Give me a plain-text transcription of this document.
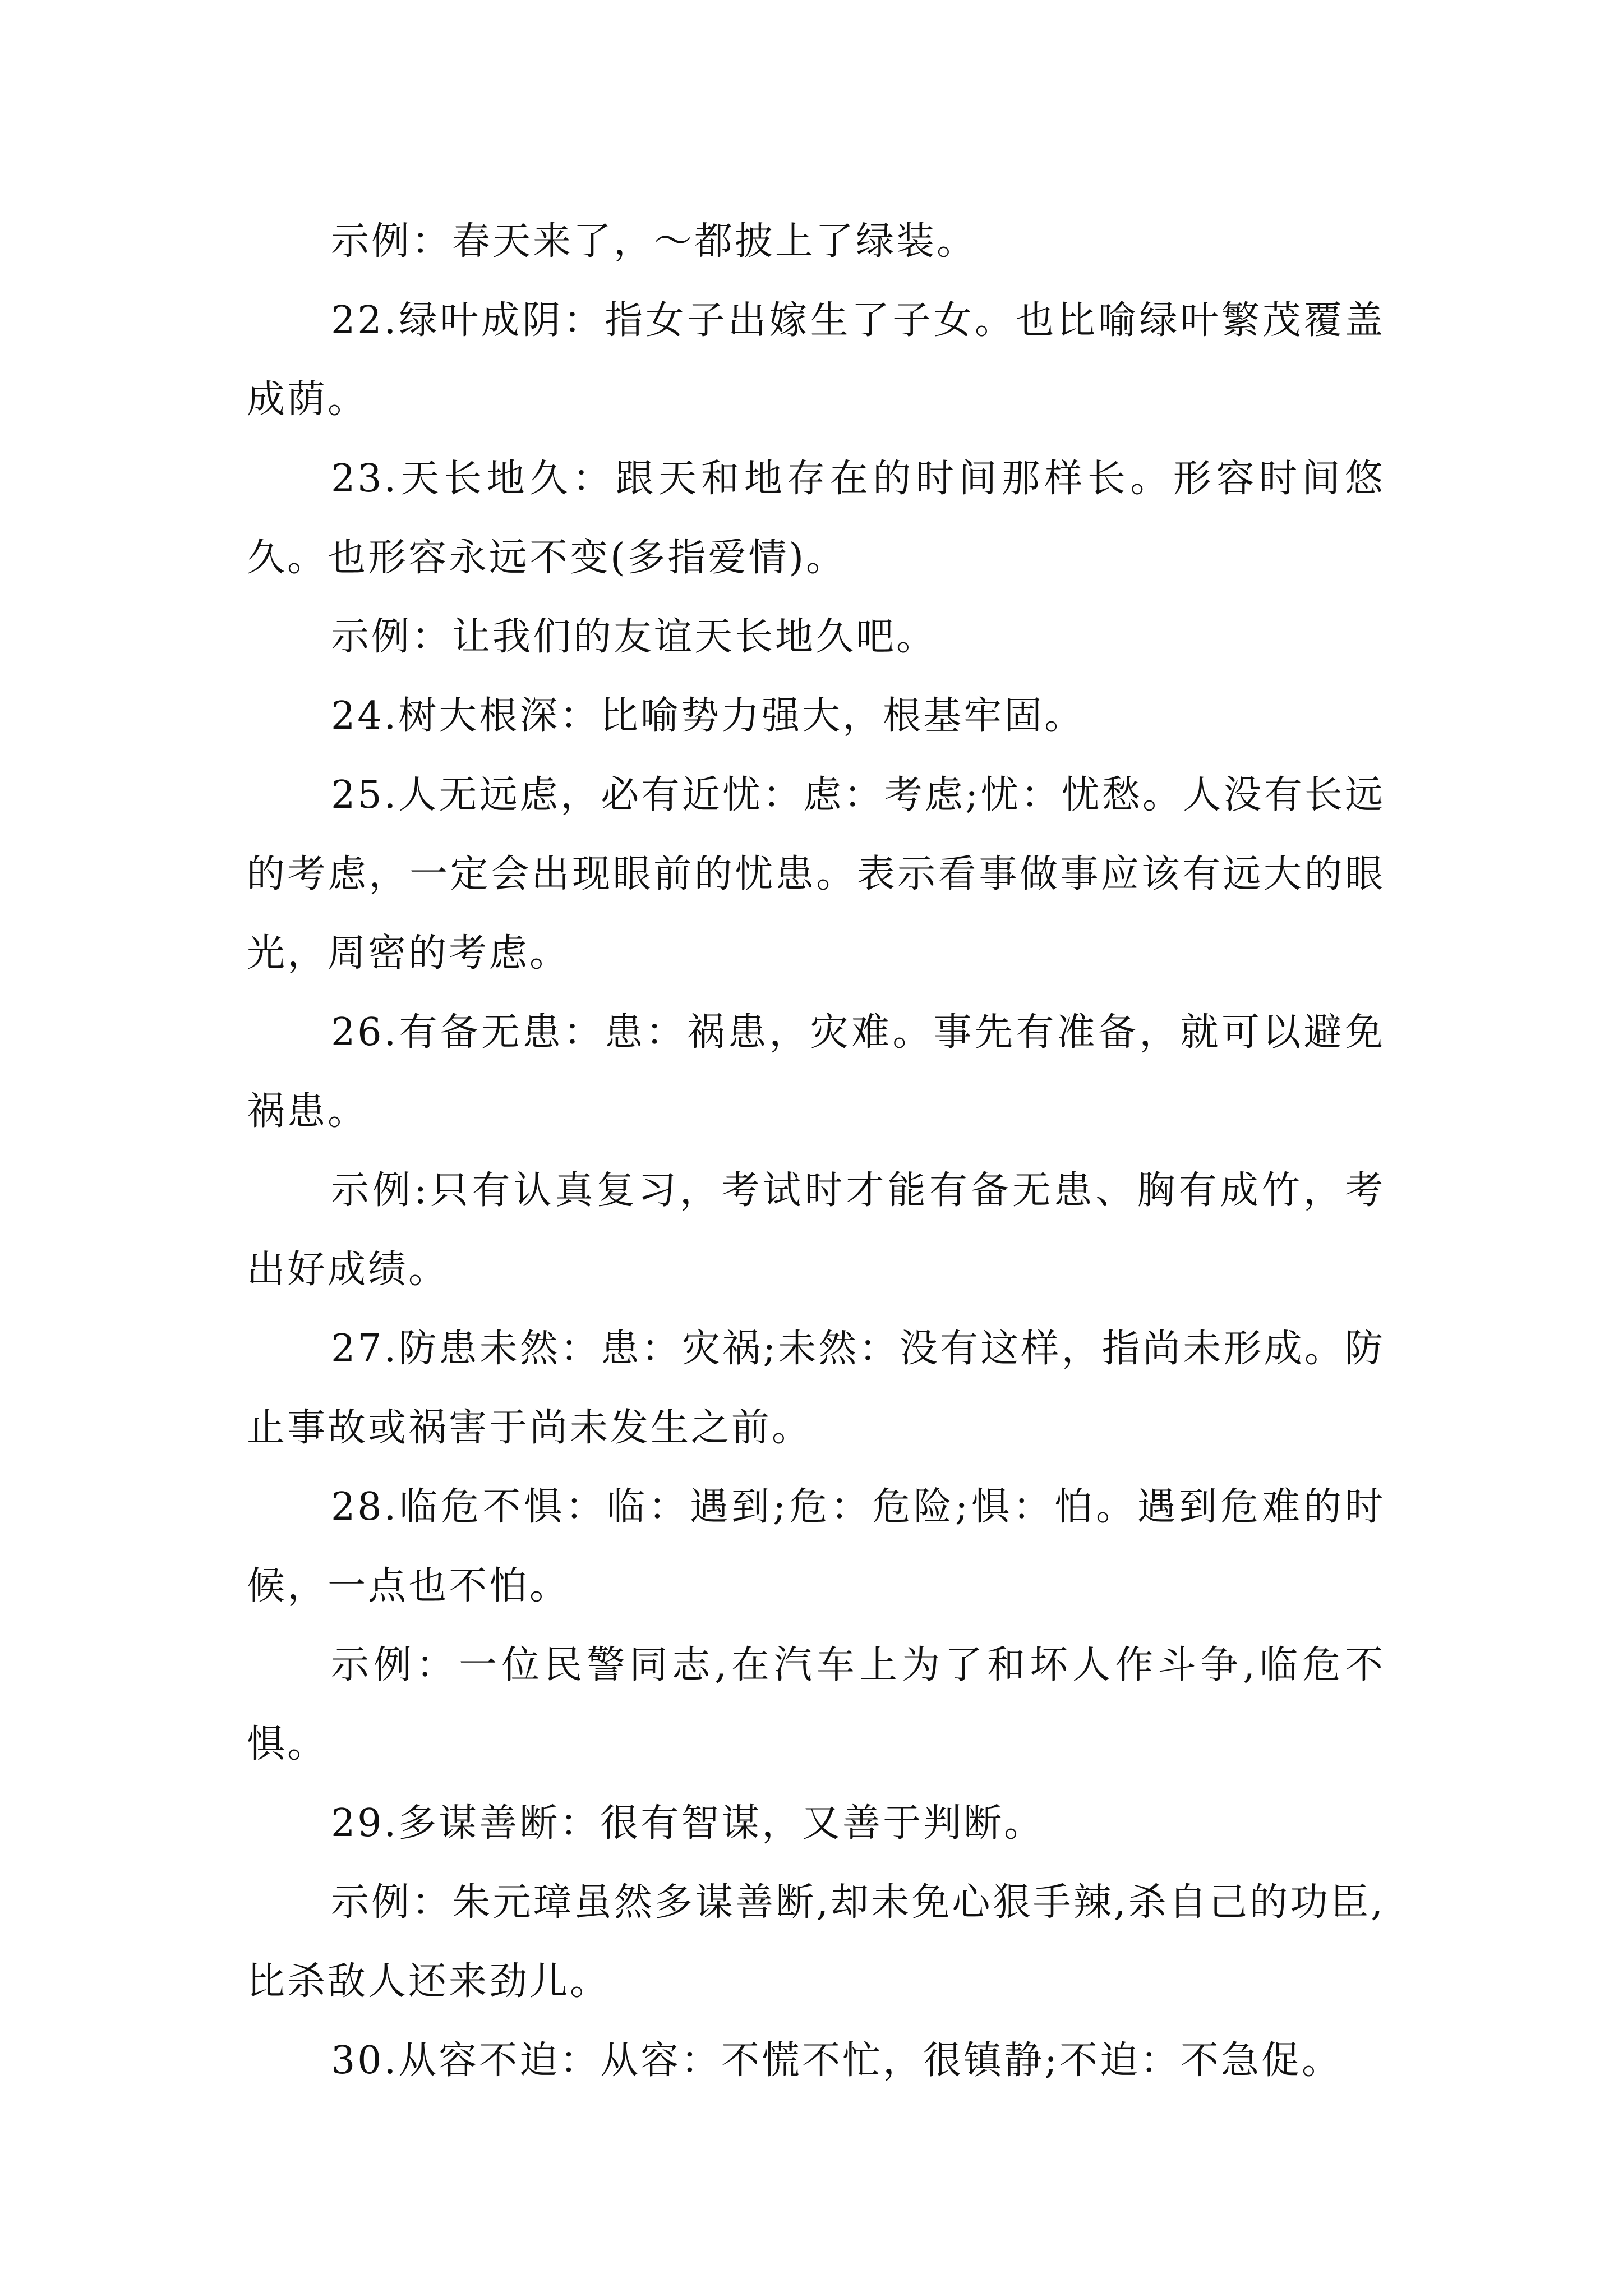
示例：春天来了，～都披上了绿装。

22.绿叶成阴：指女子出嫁生了子女。也比喻绿叶繁茂覆盖成荫。

23.天长地久：跟天和地存在的时间那样长。形容时间悠久。也形容永远不变(多指爱情)。

示例：让我们的友谊天长地久吧。

24.树大根深：比喻势力强大，根基牢固。

25.人无远虑，必有近忧：虑：考虑;忧：忧愁。人没有长远的考虑，一定会出现眼前的忧患。表示看事做事应该有远大的眼光，周密的考虑。

26.有备无患：患：祸患，灾难。事先有准备，就可以避免祸患。

示例:只有认真复习，考试时才能有备无患、胸有成竹，考出好成绩。

27.防患未然：患：灾祸;未然：没有这样，指尚未形成。防止事故或祸害于尚未发生之前。

28.临危不惧：临：遇到;危：危险;惧：怕。遇到危难的时候，一点也不怕。

示例：一位民警同志,在汽车上为了和坏人作斗争,临危不惧。

29.多谋善断：很有智谋，又善于判断。

示例：朱元璋虽然多谋善断,却未免心狠手辣,杀自己的功臣,比杀敌人还来劲儿。

30.从容不迫：从容：不慌不忙，很镇静;不迫：不急促。
